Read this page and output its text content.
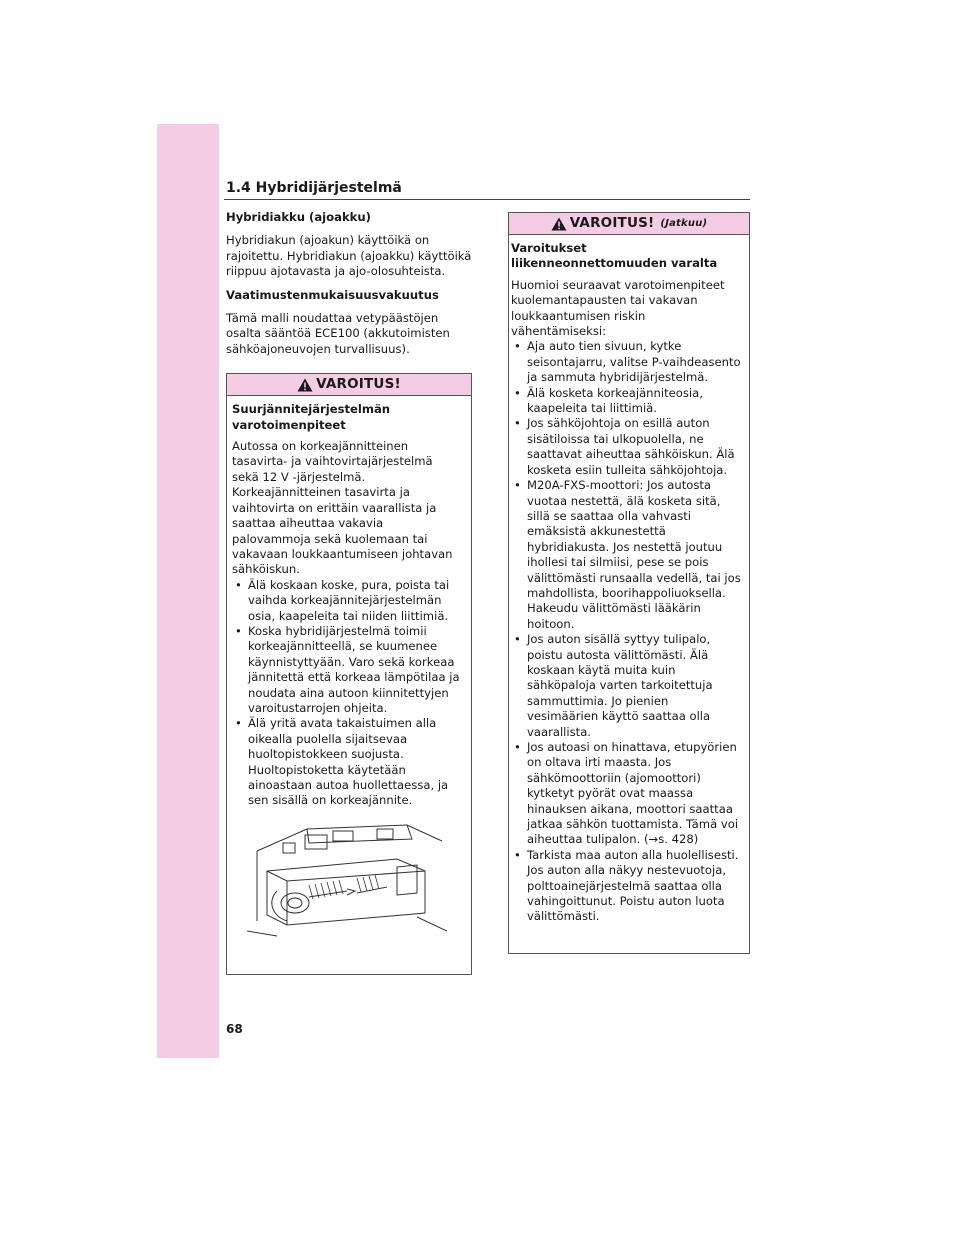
1.4 Hybridijärjestelmä

Hybridiakku (ajoakku)

Hybridiakun (ajoakun) käyttöikä on rajoitettu. Hybridiakun (ajoakku) käyttöikä riippuu ajotavasta ja ajo-olosuhteista.

Vaatimustenmukaisuusvakuutus

Tämä malli noudattaa vetypäästöjen osalta sääntöä ECE100 (akkutoimisten sähköajoneuvojen turvallisuus).

VAROITUS!

Suurjännitejärjestelmän varotoimenpiteet

Autossa on korkeajännitteinen tasavirta- ja vaihtovirtajärjestelmä sekä 12 V -järjestelmä. Korkeajännitteinen tasavirta ja vaihtovirta on erittäin vaarallista ja saattaa aiheuttaa vakavia palovammoja sekä kuolemaan tai vakavaan loukkaantumiseen johtavan sähköiskun.

• Älä koskaan koske, pura, poista tai vaihda korkeajännitejärjestelmän osia, kaapeleita tai niiden liittimiä.
• Koska hybridijärjestelmä toimii korkeajännitteellä, se kuumenee käynnistyttyään. Varo sekä korkeaa jännitettä että korkeaa lämpötilaa ja noudata aina autoon kiinnitettyjen varoitustarrojen ohjeita.
• Älä yritä avata takaistuimen alla oikealla puolella sijaitsevaa huoltopistokkeen suojusta. Huoltopistoketta käytetään ainoastaan autoa huollettaessa, ja sen sisällä on korkeajännite.
VAROITUS! (Jatkuu)

Varoitukset liikenneonnettomuuden varalta

Huomioi seuraavat varotoimenpiteet kuolemantapausten tai vakavan loukkaantumisen riskin vähentämiseksi:

• Aja auto tien sivuun, kytke seisontajarru, valitse P-vaihdeasento ja sammuta hybridijärjestelmä.
• Älä kosketa korkeajänniteosia, kaapeleita tai liittimiä.
• Jos sähköjohtoja on esillä auton sisätiloissa tai ulkopuolella, ne saattavat aiheuttaa sähköiskun. Älä kosketa esiin tulleita sähköjohtoja.
• M20A-FXS-moottori: Jos autosta vuotaa nestettä, älä kosketa sitä, sillä se saattaa olla vahvasti emäksistä akkunestettä hybridiakusta. Jos nestettä joutuu ihollesi tai silmiisi, pese se pois välittömästi runsaalla vedellä, tai jos mahdollista, boorihappoliuoksella. Hakeudu välittömästi lääkärin hoitoon.
• Jos auton sisällä syttyy tulipalo, poistu autosta välittömästi. Älä koskaan käytä muita kuin sähköpaloja varten tarkoitettuja sammuttimia. Jo pienien vesimäärien käyttö saattaa olla vaarallista.
• Jos autoasi on hinattava, etupyörien on oltava irti maasta. Jos sähkömoottoriin (ajomoottori) kytketyt pyörät ovat maassa hinauksen aikana, moottori saattaa jatkaa sähkön tuottamista. Tämä voi aiheuttaa tulipalon. (→s. 428)
• Tarkista maa auton alla huolellisesti. Jos auton alla näkyy nestevuotoja, polttoainejärjestelmä saattaa olla vahingoittunut. Poistu auton luota välittömästi.
68
